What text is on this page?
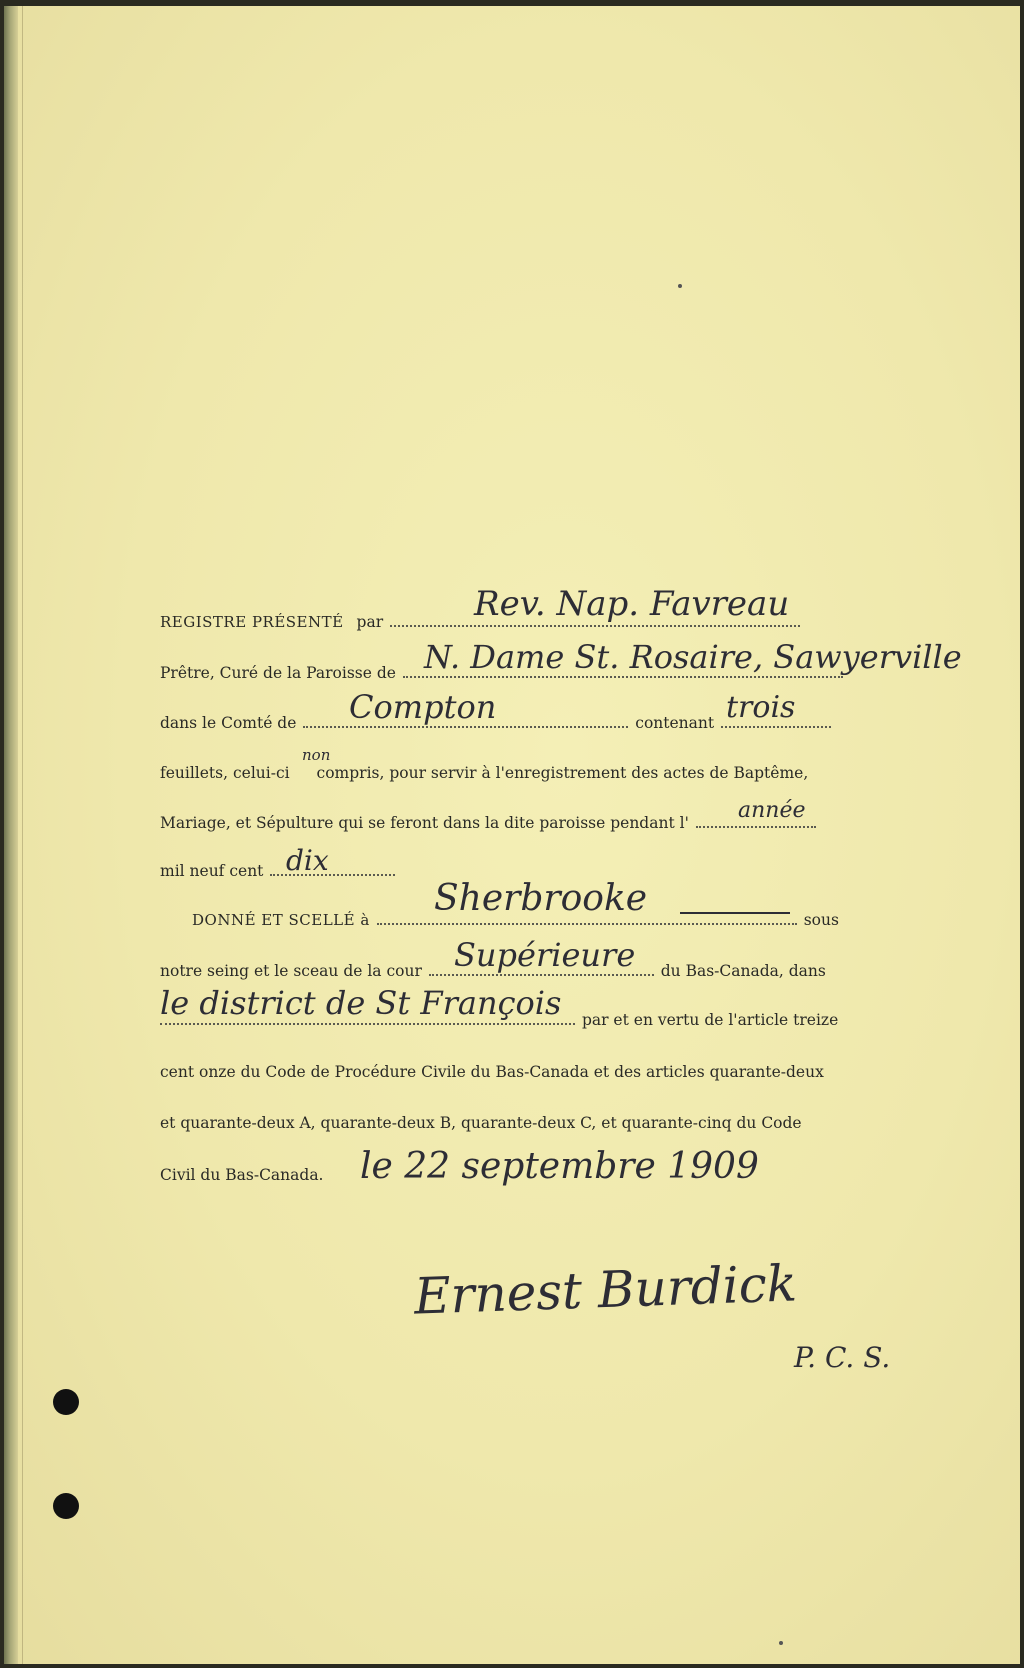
REGISTRE PRÉSENTÉ par	Rev. Nap. Favreau
Prêtre, Curé de la Paroisse de N. Dame St. Rosaire, Sawyerville
dans le Comté de	contenant
Compton	trois
feuillets, celui-ci compris, pour servir à l'enregistrement des actes de Baptême,
non
Mariage, et Sépulture qui se feront dans la dite paroisse pendant l'	année
mil neuf cent dix
DONNÉ ET SCELLÉ à	sous
Sherbrooke
notre seing et le sceau de la cour	du Bas-Canada, dans
Supérieure
par et en vertu de l'article treize
le district de St François
cent onze du Code de Procédure Civile du Bas-Canada et des articles quarante-deux
et quarante-deux A, quarante-deux B, quarante-deux C, et quarante-cinq du Code
Civil du Bas-Canada.	le 22 septembre 1909
Ernest Burdick
P. C. S.
